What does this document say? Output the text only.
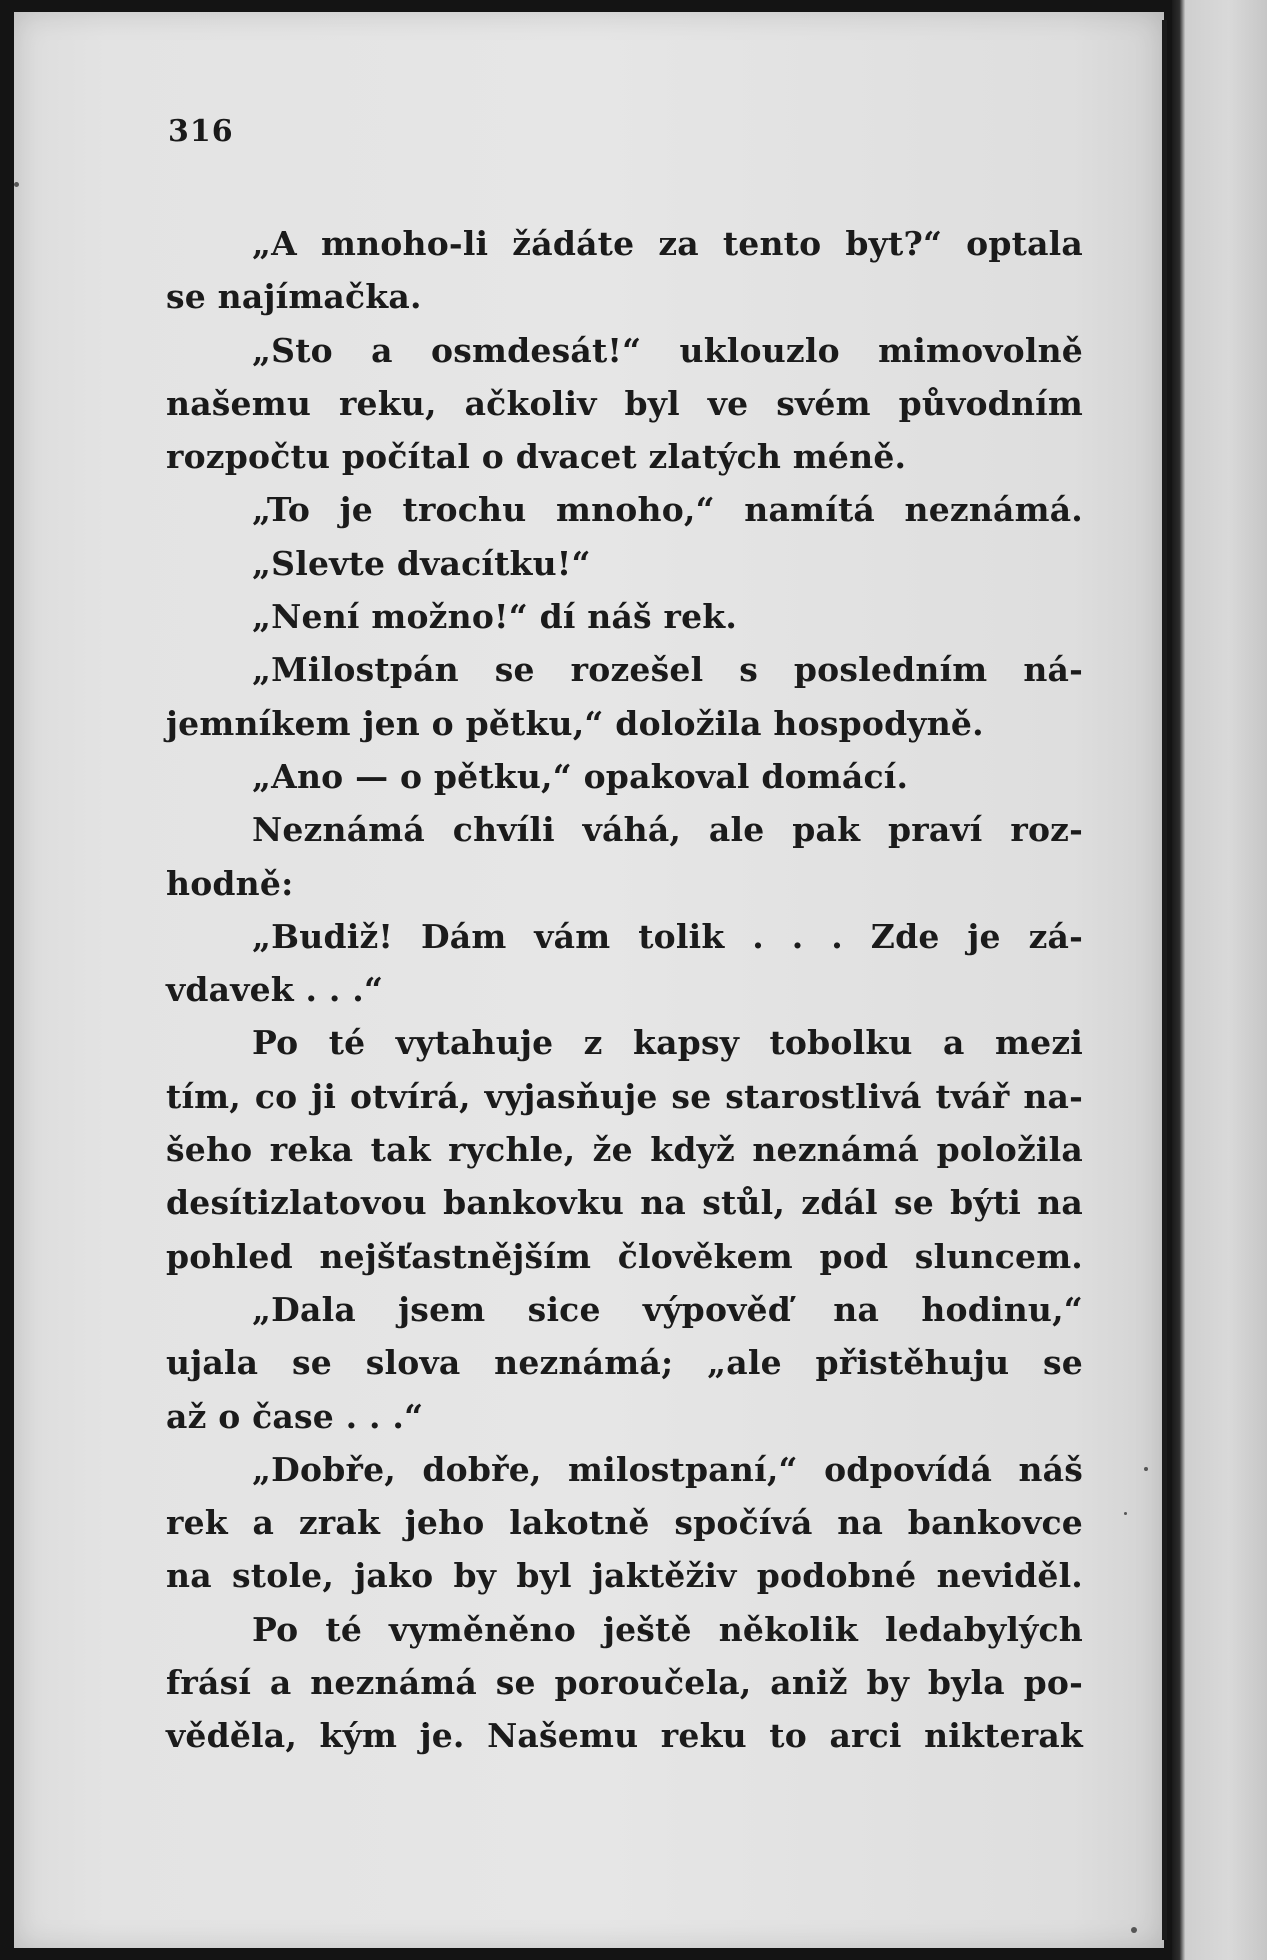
316
„A mnoho-li žádáte za tento byt?“ optala
se najímačka.
„Sto a osmdesát!“ uklouzlo mimovolně
našemu reku, ačkoliv byl ve svém původním
rozpočtu počítal o dvacet zlatých méně.
„To je trochu mnoho,“ namítá neznámá.
„Slevte dvacítku!“
„Není možno!“ dí náš rek.
„Milostpán se rozešel s posledním ná-
jemníkem jen o pětku,“ doložila hospodyně.
„Ano — o pětku,“ opakoval domácí.
Neznámá chvíli váhá, ale pak praví roz-
hodně:
„Budiž! Dám vám tolik . . . Zde je zá-
vdavek . . .“
Po té vytahuje z kapsy tobolku a mezi
tím, co ji otvírá, vyjasňuje se starostlivá tvář na-
šeho reka tak rychle, že když neznámá položila
desítizlatovou bankovku na stůl, zdál se býti na
pohled nejšťastnějším člověkem pod sluncem.
„Dala jsem sice výpověď na hodinu,“
ujala se slova neznámá; „ale přistěhuju se
až o čase . . .“
„Dobře, dobře, milostpaní,“ odpovídá náš
rek a zrak jeho lakotně spočívá na bankovce
na stole, jako by byl jaktěživ podobné neviděl.
Po té vyměněno ještě několik ledabylých
frásí a neznámá se poroučela, aniž by byla po-
věděla, kým je. Našemu reku to arci nikterak
